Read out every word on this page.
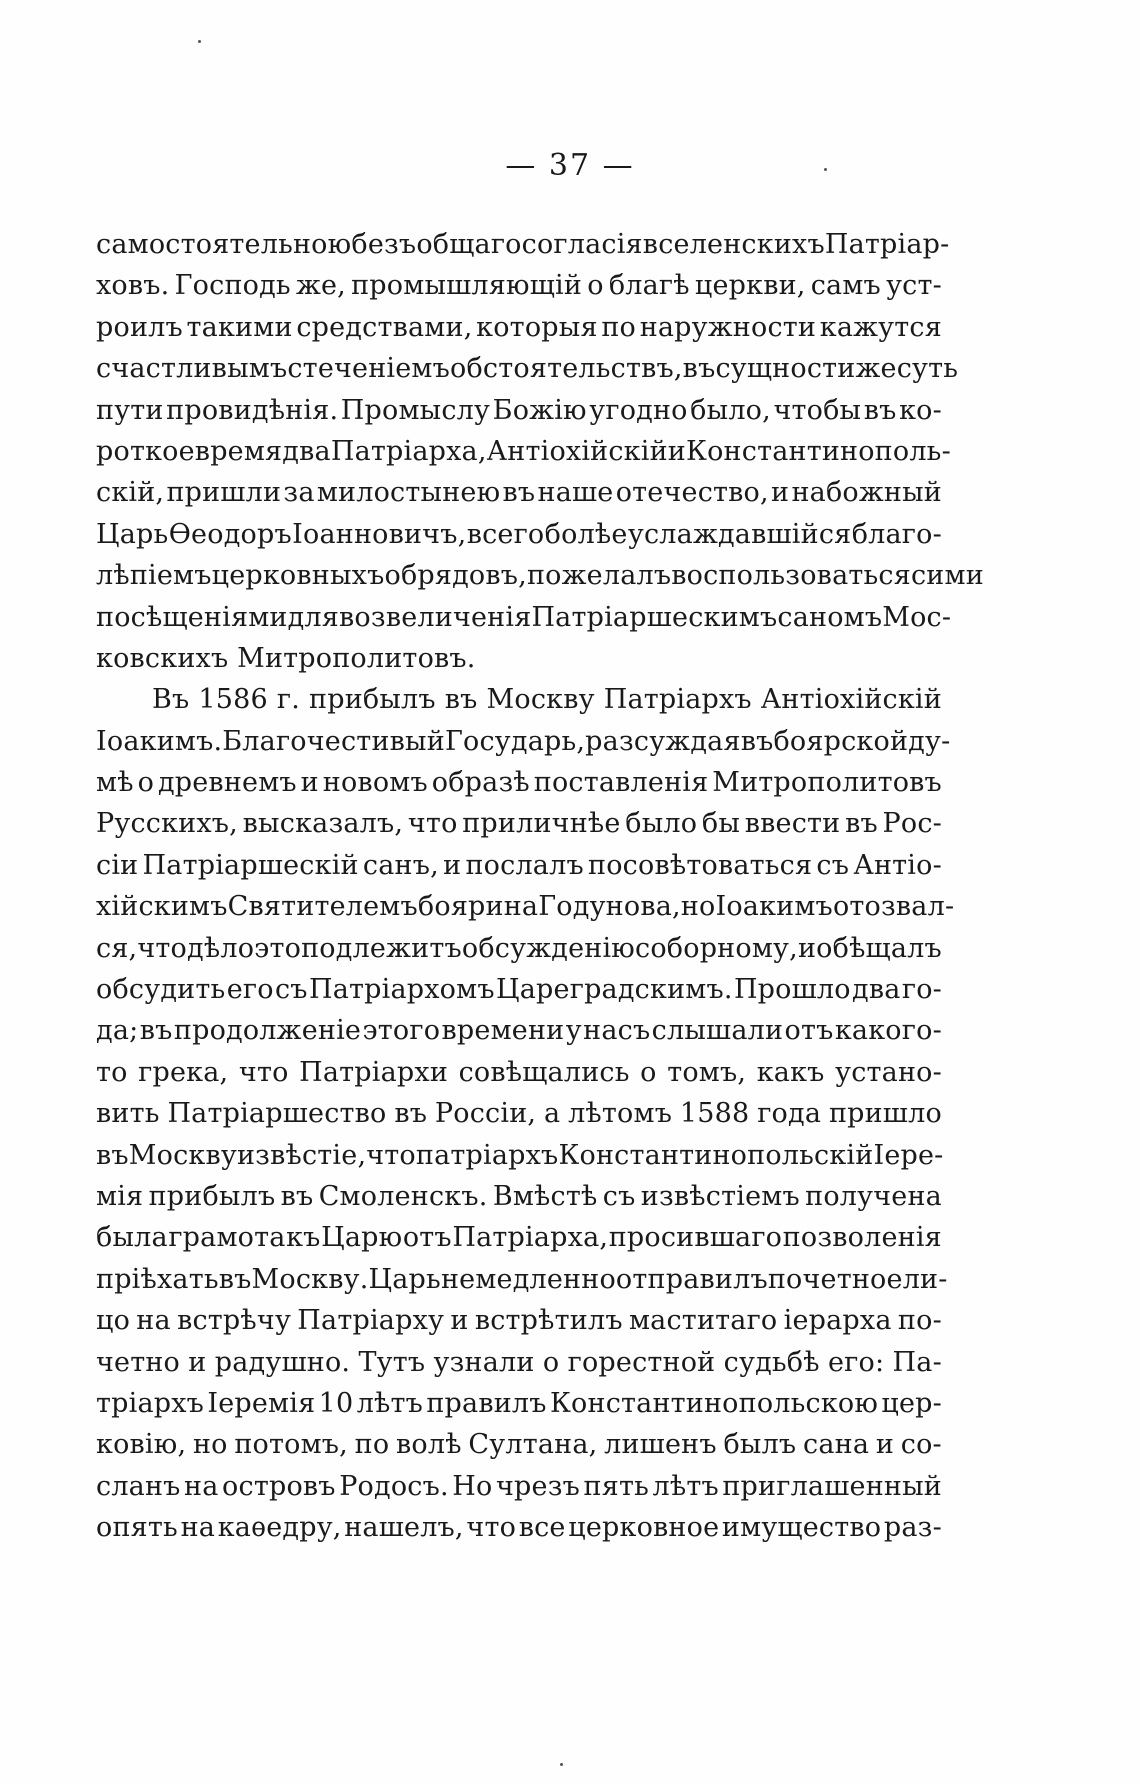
— 37 —
самостоятельною безъ общаго согласія вселенскихъ Патріар-
ховъ. Господь же, промышляющій о благѣ церкви, самъ уст-
роилъ такими средствами, которыя по наружности кажутся
счастливымъ стеченіемъ обстоятельствъ, въ сущности же суть
пути провидѣнія. Промыслу Божію угодно было, чтобы въ ко-
роткое время два Патріарха, Антіохійскій и Константинополь-
скій, пришли за милостынею въ наше отечество, и набожный
Царь Ѳеодоръ Іоанновичъ, всего болѣе услаждавшійся благо-
лѣпіемъ церковныхъ обрядовъ, пожелалъ воспользоваться сими
посѣщеніями для возвеличенія Патріаршескимъ саномъ Мос-
ковскихъ Митрополитовъ.
Въ 1586 г. прибылъ въ Москву Патріархъ Антіохійскій
Іоакимъ. Благочестивый Государь, разсуждая въ боярской ду-
мѣ о древнемъ и новомъ образѣ поставленія Митрополитовъ
Русскихъ, высказалъ, что приличнѣе было бы ввести въ Рос-
сіи Патріаршескій санъ, и послалъ посовѣтоваться съ Антіо-
хійскимъ Святителемъ боярина Годунова, но Іоакимъ отозвал-
ся, что дѣло это подлежитъ обсужденію соборному, и обѣщалъ
обсудить его съ Патріархомъ Цареградскимъ. Прошло два го-
да; въ продолженіе этого времени у насъ слышали отъ какого-
то грека, что Патріархи совѣщались о томъ, какъ устано-
вить Патріаршество въ Россіи, а лѣтомъ 1588 года пришло
въ Москву извѣстіе, что патріархъ Константинопольскій Іере-
мія прибылъ въ Смоленскъ. Вмѣстѣ съ извѣстіемъ получена
была грамота къ Царю отъ Патріарха, просившаго позволенія
пріѣхать въ Москву. Царь немедленно отправилъ почетное ли-
цо на встрѣчу Патріарху и встрѣтилъ маститаго іерарха по-
четно и радушно. Тутъ узнали о горестной судьбѣ его: Па-
тріархъ Іеремія 10 лѣтъ правилъ Константинопольскою цер-
ковію, но потомъ, по волѣ Султана, лишенъ былъ сана и со-
сланъ на островъ Родосъ. Но чрезъ пять лѣтъ приглашенный
опять на каѳедру, нашелъ, что все церковное имущество раз-
